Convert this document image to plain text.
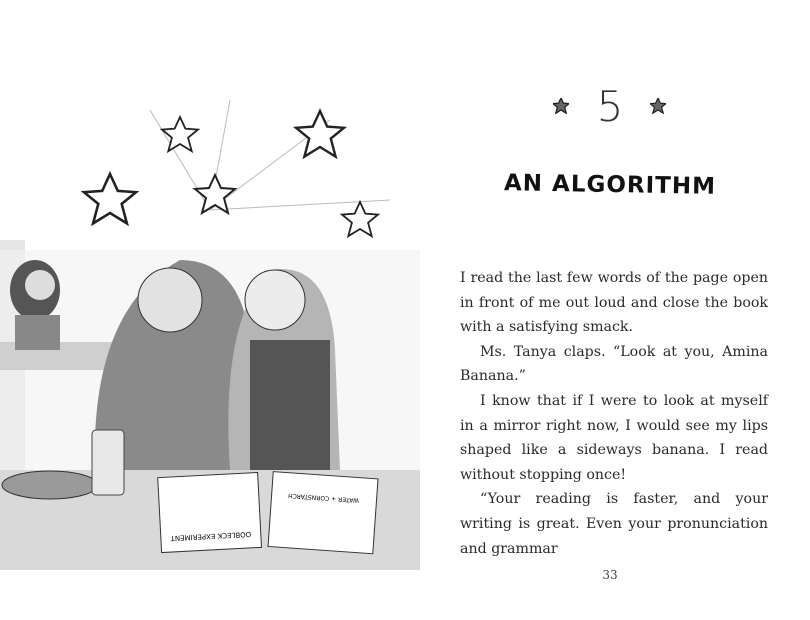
OOBLECK EXPERIMENT
WATER + CORNSTARCH
5
AN ALGORITHM

I read the last few words of the page open in front of me out loud and close the book with a satisfying smack.

Ms. Tanya claps. “Look at you, Amina Banana.”

I know that if I were to look at myself in a mirror right now, I would see my lips shaped like a sideways banana. I read without stopping once!

“Your reading is faster, and your writing is great. Even your pronunciation and grammar

33
